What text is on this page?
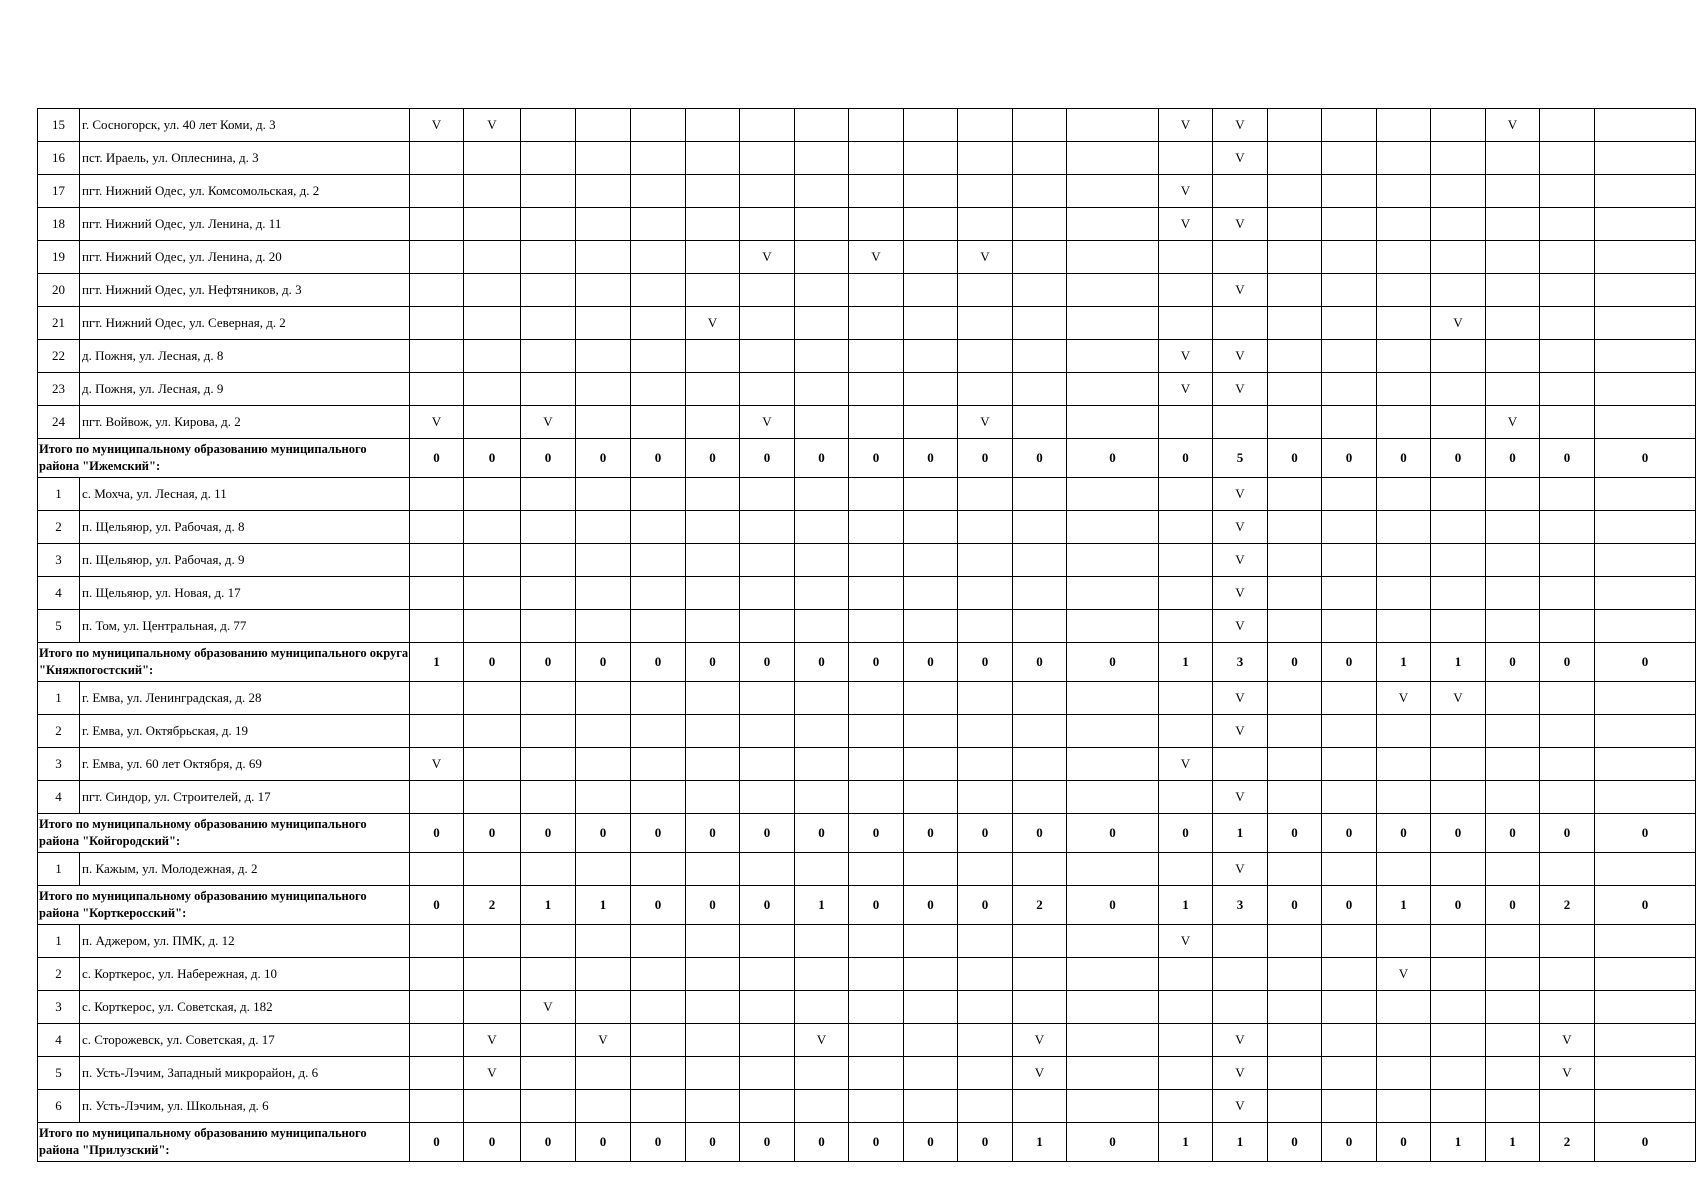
15	г. Сосногорск, ул. 40 лет Коми, д. 3	V	V												V	V					V		
16	пст. Ираель, ул. Оплеснина, д. 3															V							
17	пгт. Нижний Одес, ул. Комсомольская, д. 2														V								
18	пгт. Нижний Одес, ул. Ленина, д. 11														V	V							
19	пгт. Нижний Одес, ул. Ленина, д. 20							V		V		V											
20	пгт. Нижний Одес, ул. Нефтяников, д. 3															V							
21	пгт. Нижний Одес, ул. Северная, д. 2						V													V			
22	д. Пожня, ул. Лесная, д. 8														V	V							
23	д. Пожня, ул. Лесная, д. 9														V	V							
24	пгт. Войвож, ул. Кирова, д. 2	V		V				V				V									V		
Итого по муниципальному образованию муниципального района "Ижемский":		0	0	0	0	0	0	0	0	0	0	0	0	0	0	5	0	0	0	0	0	0	0
1	с. Мохча, ул. Лесная, д. 11															V							
2	п. Щельяюр, ул. Рабочая, д. 8															V							
3	п. Щельяюр, ул. Рабочая, д. 9															V							
4	п. Щельяюр, ул. Новая, д. 17															V							
5	п. Том, ул. Центральная, д. 77															V							
Итого по муниципальному образованию муниципального округа "Княжпогостский":		1	0	0	0	0	0	0	0	0	0	0	0	0	1	3	0	0	1	1	0	0	0
1	г. Емва, ул. Ленинградская, д. 28															V			V	V			
2	г. Емва, ул. Октябрьская, д. 19															V							
3	г. Емва, ул. 60 лет Октября, д. 69	V													V								
4	пгт. Синдор, ул. Строителей, д. 17															V							
Итого по муниципальному образованию муниципального района "Койгородский":		0	0	0	0	0	0	0	0	0	0	0	0	0	0	1	0	0	0	0	0	0	0
1	п. Кажым, ул. Молодежная, д. 2															V							
Итого по муниципальному образованию муниципального района "Корткеросский":		0	2	1	1	0	0	0	1	0	0	0	2	0	1	3	0	0	1	0	0	2	0
1	п. Аджером, ул. ПМК, д. 12														V								
2	с. Корткерос, ул. Набережная, д. 10																		V				
3	с. Корткерос, ул. Советская, д. 182			V																			
4	с. Сторожевск, ул. Советская, д. 17		V		V				V				V			V						V	
5	п. Усть-Лэчим, Западный микрорайон, д. 6		V										V			V						V	
6	п. Усть-Лэчим, ул. Школьная, д. 6															V							
Итого по муниципальному образованию муниципального района "Прилузский":		0	0	0	0	0	0	0	0	0	0	0	1	0	1	1	0	0	0	1	1	2	0
